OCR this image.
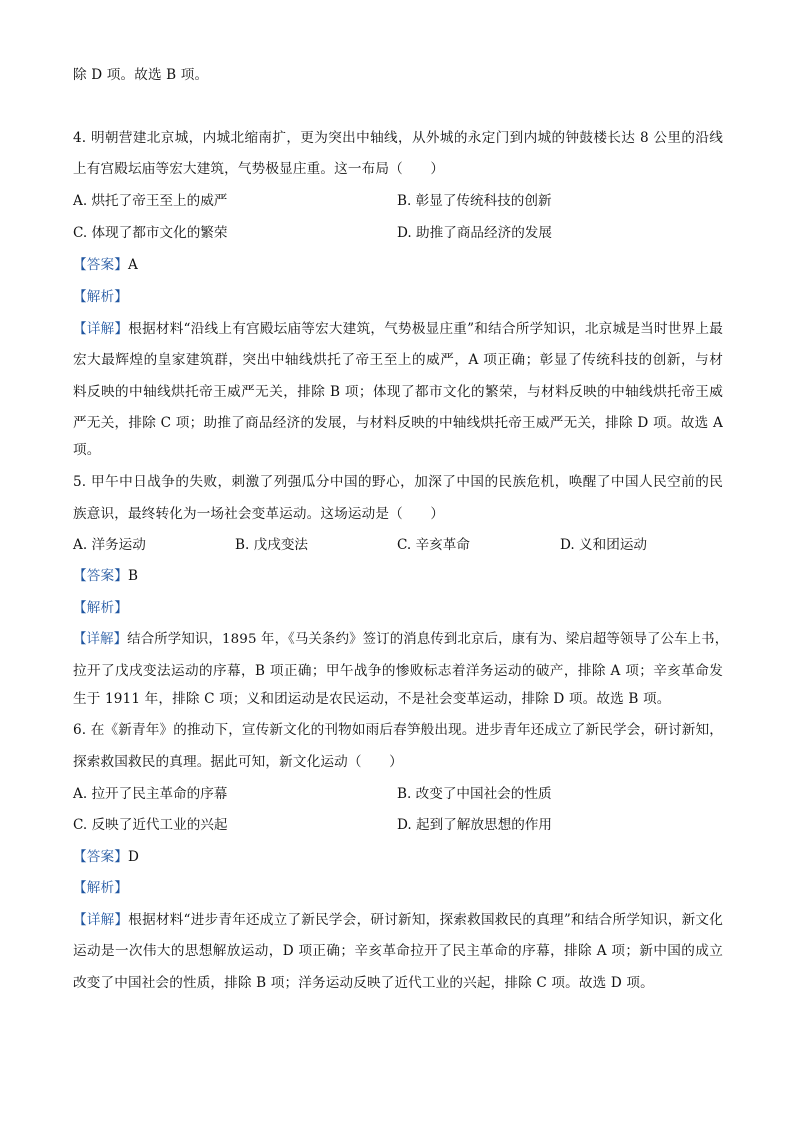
除 D 项。故选 B 项。
4. 明朝营建北京城，内城北缩南扩，更为突出中轴线，从外城的永定门到内城的钟鼓楼长达 8 公里的沿线
上有宫殿坛庙等宏大建筑，气势极显庄重。这一布局（　　）
A. 烘托了帝王至上的威严	B. 彰显了传统科技的创新
C. 体现了都市文化的繁荣	D. 助推了商品经济的发展
【答案】A
【解析】
【详解】根据材料“沿线上有宫殿坛庙等宏大建筑，气势极显庄重”和结合所学知识，北京城是当时世界上最
宏大最辉煌的皇家建筑群，突出中轴线烘托了帝王至上的威严，A 项正确；彰显了传统科技的创新，与材
料反映的中轴线烘托帝王威严无关，排除 B 项；体现了都市文化的繁荣，与材料反映的中轴线烘托帝王威
严无关，排除 C 项；助推了商品经济的发展，与材料反映的中轴线烘托帝王威严无关，排除 D 项。故选 A
项。
5. 甲午中日战争的失败，刺激了列强瓜分中国的野心，加深了中国的民族危机，唤醒了中国人民空前的民
族意识，最终转化为一场社会变革运动。这场运动是（　　）
A. 洋务运动	B. 戊戌变法	C. 辛亥革命	D. 义和团运动
【答案】B
【解析】
【详解】结合所学知识，1895 年，《马关条约》签订的消息传到北京后，康有为、梁启超等领导了公车上书，
拉开了戊戌变法运动的序幕，B 项正确；甲午战争的惨败标志着洋务运动的破产，排除 A 项；辛亥革命发
生于 1911 年，排除 C 项；义和团运动是农民运动，不是社会变革运动，排除 D 项。故选 B 项。
6. 在《新青年》的推动下，宣传新文化的刊物如雨后春笋般出现。进步青年还成立了新民学会，研讨新知，
探索救国救民的真理。据此可知，新文化运动（　　）
A. 拉开了民主革命的序幕	B. 改变了中国社会的性质
C. 反映了近代工业的兴起	D. 起到了解放思想的作用
【答案】D
【解析】
【详解】根据材料“进步青年还成立了新民学会，研讨新知，探索救国救民的真理”和结合所学知识，新文化
运动是一次伟大的思想解放运动，D 项正确；辛亥革命拉开了民主革命的序幕，排除 A 项；新中国的成立
改变了中国社会的性质，排除 B 项；洋务运动反映了近代工业的兴起，排除 C 项。故选 D 项。
